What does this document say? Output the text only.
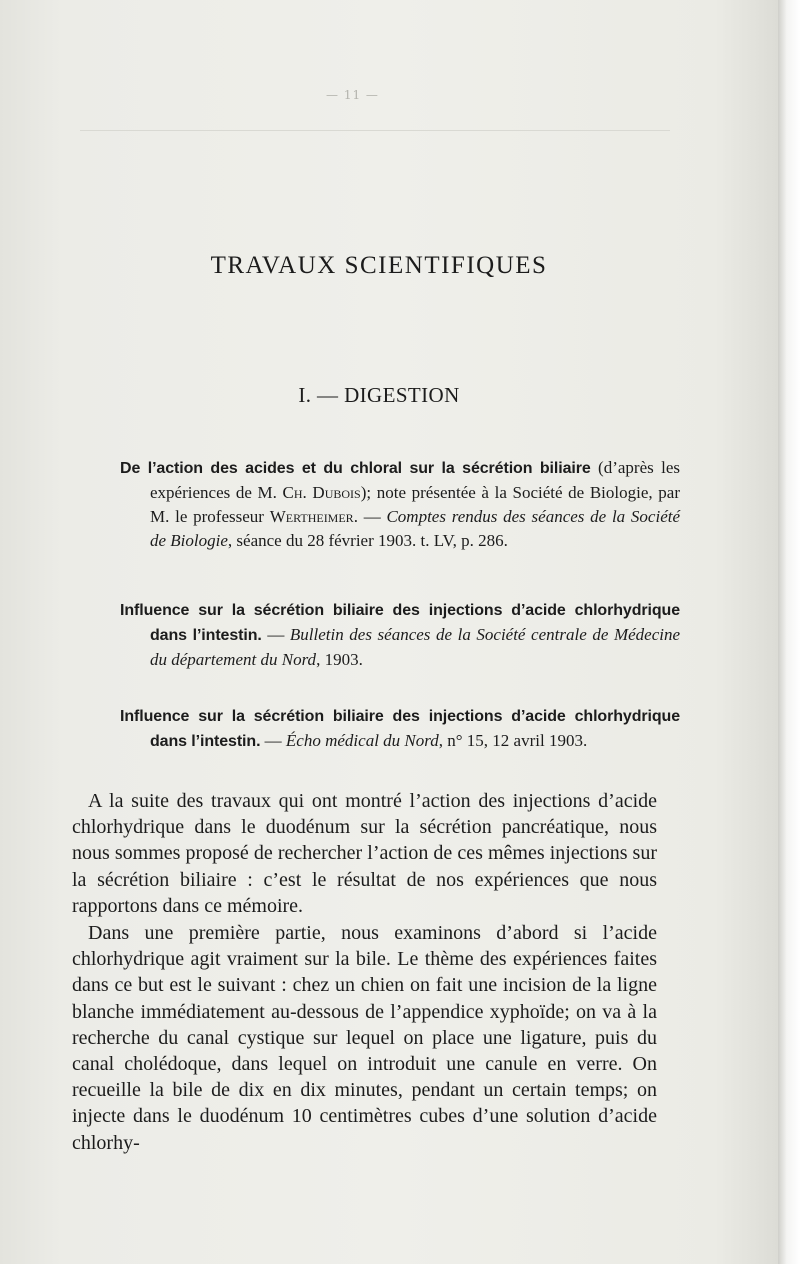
— 11 —
TRAVAUX SCIENTIFIQUES
I. — DIGESTION
De l’action des acides et du chloral sur la sécrétion biliaire (d’après les expériences de M. Ch. Dubois); note présentée à la Société de Biologie, par M. le professeur Wertheimer. — Comptes rendus des séances de la Société de Biologie, séance du 28 février 1903. t. LV, p. 286.
Influence sur la sécrétion biliaire des injections d’acide chlorhydrique dans l’intestin. — Bulletin des séances de la Société centrale de Médecine du département du Nord, 1903.
Influence sur la sécrétion biliaire des injections d’acide chlorhydrique dans l’intestin. — Écho médical du Nord, n° 15, 12 avril 1903.

A la suite des travaux qui ont montré l’action des injections d’acide chlorhydrique dans le duodénum sur la sécrétion pancréatique, nous nous sommes proposé de rechercher l’action de ces mêmes injections sur la sécrétion biliaire : c’est le résultat de nos expériences que nous rapportons dans ce mémoire.

Dans une première partie, nous examinons d’abord si l’acide chlorhydrique agit vraiment sur la bile. Le thème des expériences faites dans ce but est le suivant : chez un chien on fait une incision de la ligne blanche immédiatement au-dessous de l’appendice xyphoïde; on va à la recherche du canal cystique sur lequel on place une ligature, puis du canal cholédoque, dans lequel on introduit une canule en verre. On recueille la bile de dix en dix minutes, pendant un certain temps; on injecte dans le duodénum 10 centimètres cubes d’une solution d’acide chlorhy-
